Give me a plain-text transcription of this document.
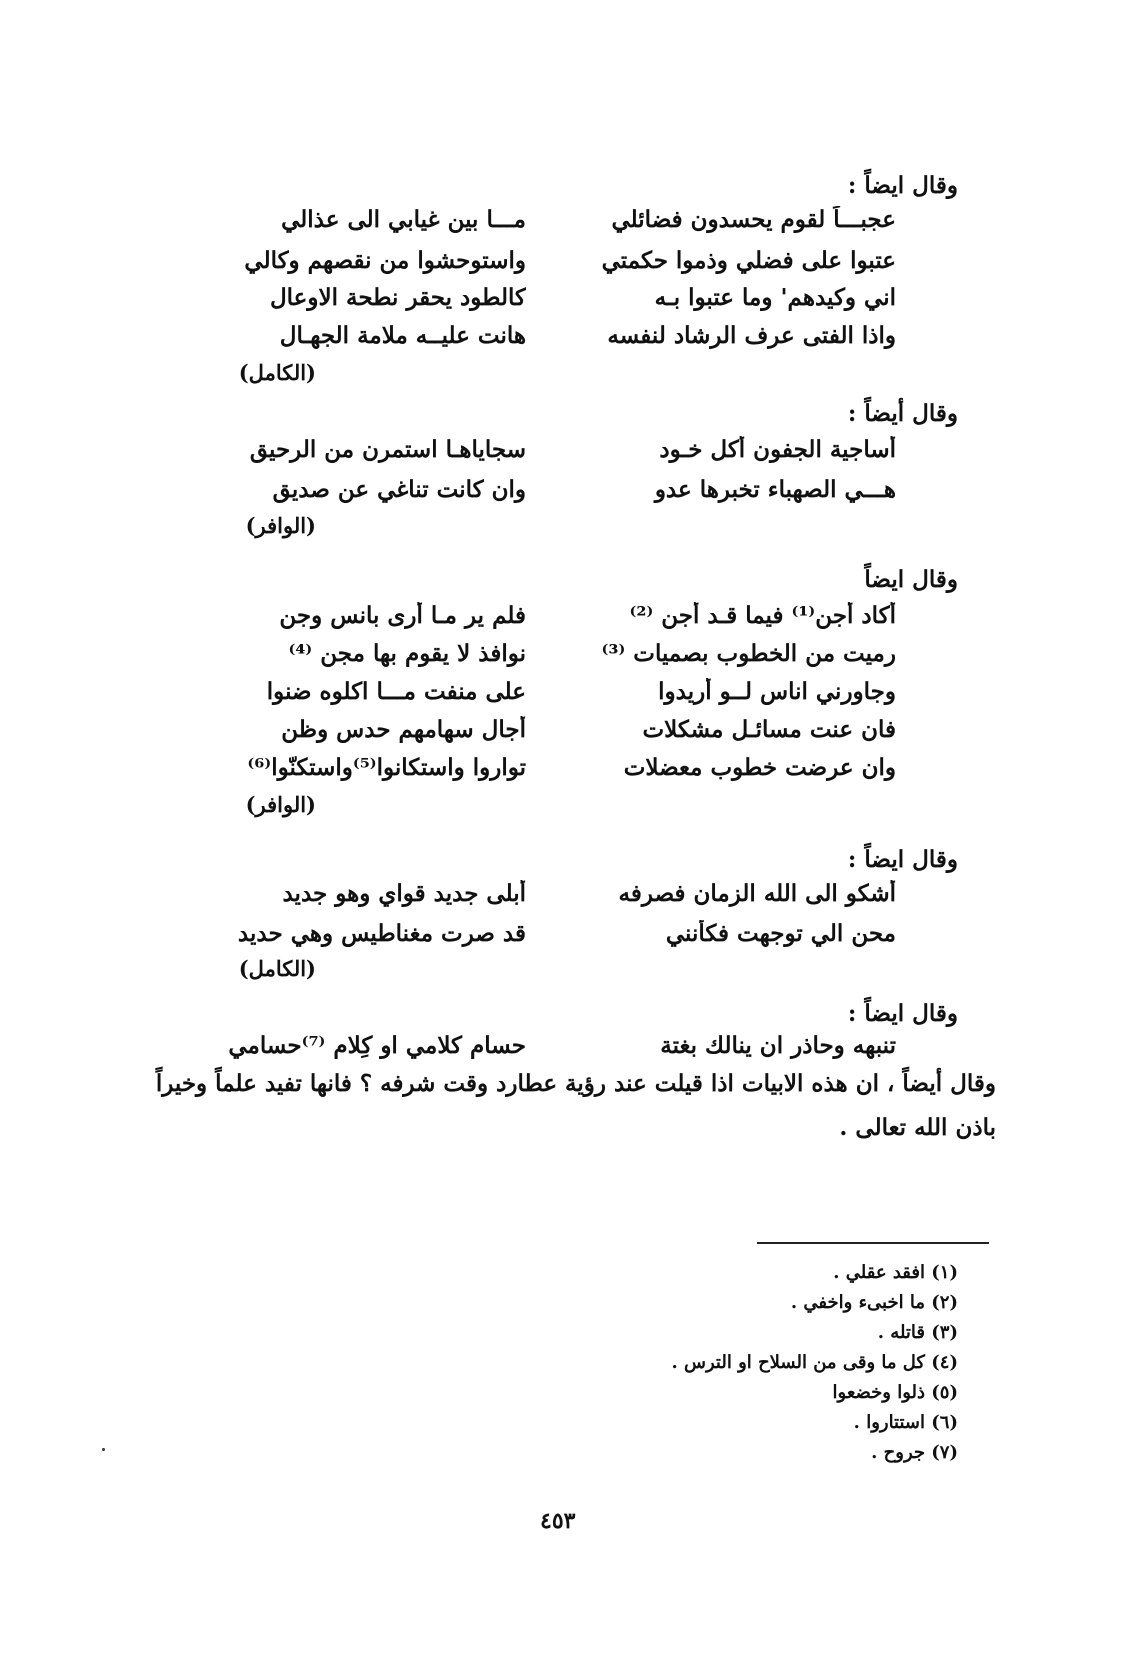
وقال ايضاً :
عجبـــاً لقوم يحسدون فضائلي
مـــا بين غيابي الى عذالي
عتبوا على فضلي وذموا حكمتي
واستوحشوا من نقصهم وكالي
اني وكيدهم' وما عتبوا بـه
كالطود يحقر نطحة الاوعال
واذا الفتى عرف الرشاد لنفسه
هانت عليــه ملامة الجهـال
(الكامل)
وقال أيضاً :
أساجية الجفون أكل خـود
سجاياهـا استمرن من الرحيق
هـــي الصهباء تخبرها عدو
وان كانت تناغي عن صديق
(الوافر)
وقال ايضاً
أكاد أجن⁽¹⁾ فيما قـد أجن ⁽²⁾
فلم ير مـا أرى بانس وجن
رميت من الخطوب بصميات ⁽³⁾
نوافذ لا يقوم بها مجن ⁽⁴⁾
وجاورني اناس لــو أريدوا
على منفت مـــا اكلوه ضنوا
فان عنت مسائـل مشكلات
أجال سهامهم حدس وظن
وان عرضت خطوب معضلات
تواروا واستكانوا⁽⁵⁾واستكنّوا⁽⁶⁾
(الوافر)
وقال ايضاً :
أشكو الى الله الزمان فصرفه
أبلى جديد قواي وهو جديد
محن الي توجهت فكأنني
قد صرت مغناطيس وهي حديد
(الكامل)
وقال ايضاً :
تنبهه وحاذر ان ينالك بغتة
حسام كلامي او كِلام ⁽⁷⁾حسامي
وقال أيضاً ، ان هذه الابيات اذا قيلت عند رؤية عطارد وقت شرفه ؟ فانها تفيد علماً وخيراً
باذن الله تعالى .
(١) افقد عقلي .
(٢) ما اخبىء واخفي .
(٣) قاتله .
(٤) كل ما وقى من السلاح او الترس .
(٥) ذلوا وخضعوا
(٦) استتاروا .
(٧) جروح .
٤٥٣
